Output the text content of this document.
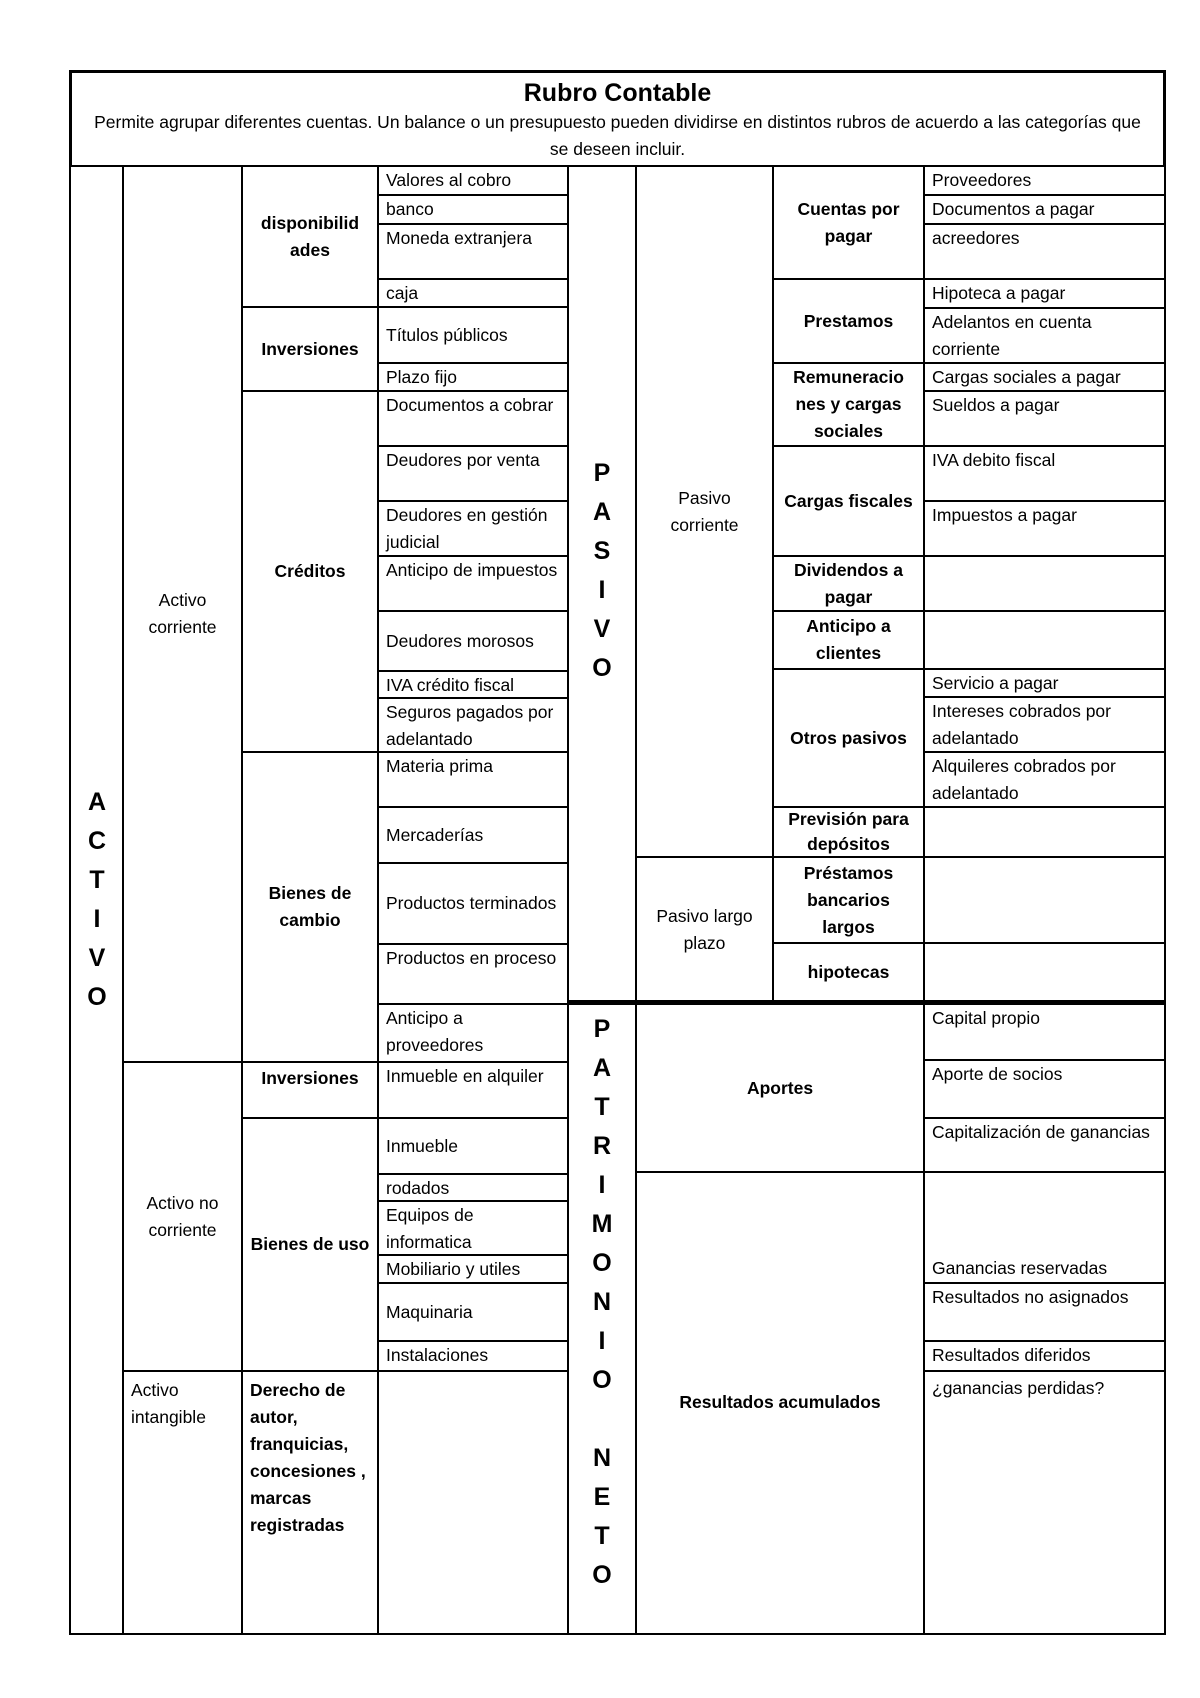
Rubro Contable
Permite agrupar diferentes cuentas. Un balance o un presupuesto pueden dividirse en distintos rubros de acuerdo a las categorías que se deseen incluir.
A
C
T
I
V
O
Activo corriente
Activo no corriente
Activo intangible
disponibilid ades
Inversiones
Créditos
Bienes de cambio
Inversiones
Bienes de uso
Derecho de autor, franquicias, concesiones , marcas registradas
Valores al cobro
banco
Moneda extranjera
caja
Títulos públicos
Plazo fijo
Documentos a cobrar
Deudores por venta
Deudores en gestión judicial
Anticipo de impuestos
Deudores morosos
IVA crédito fiscal
Seguros pagados por adelantado
Materia prima
Mercaderías
Productos terminados
Productos en proceso
Anticipo a proveedores
Inmueble en alquiler
Inmueble
rodados
Equipos de informatica
Mobiliario y utiles
Maquinaria
Instalaciones
P
A
S
I
V
O
P
A
T
R
I
M
O
N
I
O
N
E
T
O
Pasivo corriente
Pasivo largo plazo
Cuentas por pagar
Prestamos
Remuneracio nes y cargas sociales
Cargas fiscales
Dividendos a pagar
Anticipo a clientes
Otros pasivos
Previsión para depósitos
Préstamos bancarios largos
hipotecas
Proveedores
Documentos a pagar
acreedores
Hipoteca a pagar
Adelantos en cuenta corriente
Cargas sociales a pagar
Sueldos a pagar
IVA debito fiscal
Impuestos a pagar
Servicio a pagar
Intereses cobrados por adelantado
Alquileres cobrados por adelantado
Aportes
Resultados acumulados
Capital propio
Aporte de socios
Capitalización de ganancias
Ganancias reservadas
Resultados no asignados
Resultados diferidos
¿ganancias perdidas?
